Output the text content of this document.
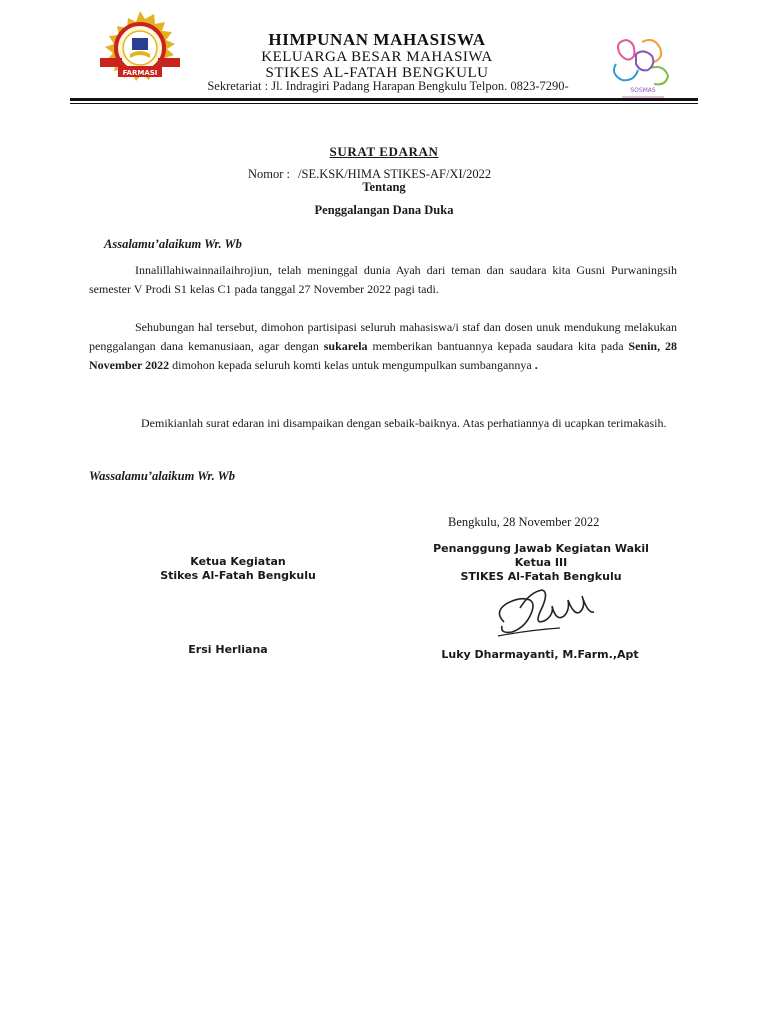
FARMASI
HIMPUNAN MAHASISWA
KELUARGA BESAR MAHASIWA
STIKES AL-FATAH BENGKULU
Sekretariat : Jl. Indragiri Padang Harapan Bengkulu Telpon. 0823-7290-	SOSMAS
SURAT EDARAN
Nomor : /SE.KSK/HIMA STIKES-AF/XI/2022
Tentang
Penggalangan Dana Duka
Assalamu’alaikum Wr. Wb
Innalillahiwainnailaihrojiun, telah meninggal dunia Ayah dari teman dan saudara kita Gusni Purwaningsih semester V Prodi S1 kelas C1 pada tanggal 27 November 2022 pagi tadi.
Sehubungan hal tersebut, dimohon partisipasi seluruh mahasiswa/i staf dan dosen unuk mendukung melakukan penggalangan dana kemanusiaan, agar dengan sukarela memberikan bantuannya kepada saudara kita pada Senin, 28 November 2022 dimohon kepada seluruh komti kelas untuk mengumpulkan sumbangannya .
Demikianlah surat edaran ini disampaikan dengan sebaik-baiknya. Atas perhatiannya di ucapkan terimakasih.
Wassalamu’alaikum Wr. Wb
Bengkulu, 28 November 2022
Ketua Kegiatan
Stikes Al-Fatah Bengkulu
Ersi Herliana
Penanggung Jawab Kegiatan Wakil
Ketua III
STIKES Al-Fatah Bengkulu
Luky Dharmayanti, M.Farm.,Apt
